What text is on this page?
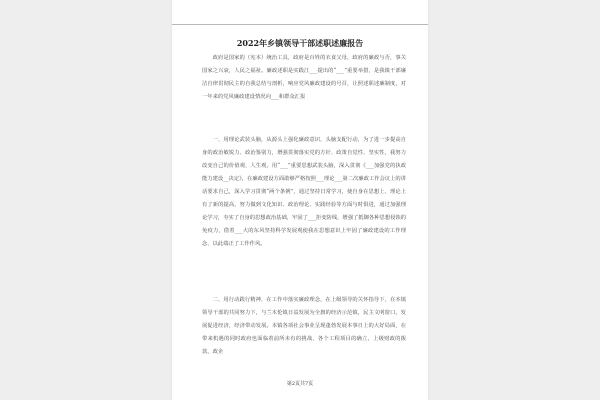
2022年乡镇领导干部述职述廉报告

政府是国家的（宪本）统治工具，政府是百姓的衣食父母，政府的廉政与否，事关国家之兴衰，人民之福祉。廉政述职是实践江___提出的“___”重要举措，是我镇干部廉洁自律贯彻民主的自我总结与剖析，响应党风廉政建设的号召，让照述职述廉制度，对一年来的党风廉政建设情况向___和群众汇报

一、用理论武装头脑，从源头上强化廉政意识，头脑支配行动，为了进一步提高自身的政治敏锐力、政治鉴别力，增强贯彻落实党的方针、政策自觉性、坚实性，我努力改变自己的价值观、人生观，用“___”重要思想武装头脑，深入贯彻《___加强党的执政能力建设__决定》，在廉政建设方面敢够严格按照___理论___第二次廉政工作会议上的讲话要求自己，深入学习贯彻“两个条例”，通过坚持日常学习，使自身在思想上、理论上有了新的提高，努力做到文化知识、政治理论、实践经验等方面与时俱进，通过加强理论学习，夯实了自身的思想政治基础，牢固了___拒变防线，增强了抵御各种思想侵蚀的免疫力，借着___大的东风坚持科学发展观使我在思想意识上牢固了廉政建设的工作理念，以此端正了工作作风。

二、用行动践行精神，在工作中落实廉政理念，在上级领导的关怀指导下，在本镇领导干部的共同努力下，与兰木伦镇日益发展为全旗的经济示范镇，民主文明窗口，发展促进经济，经济带动发展。本镇各项社会事业呈现蓬勃发展本事日上的大好局面，在带来机遇的同时政府也面临着前所未有的挑战，各个工程项目的确立，上级财政的拨款，政企

第2页共7页
